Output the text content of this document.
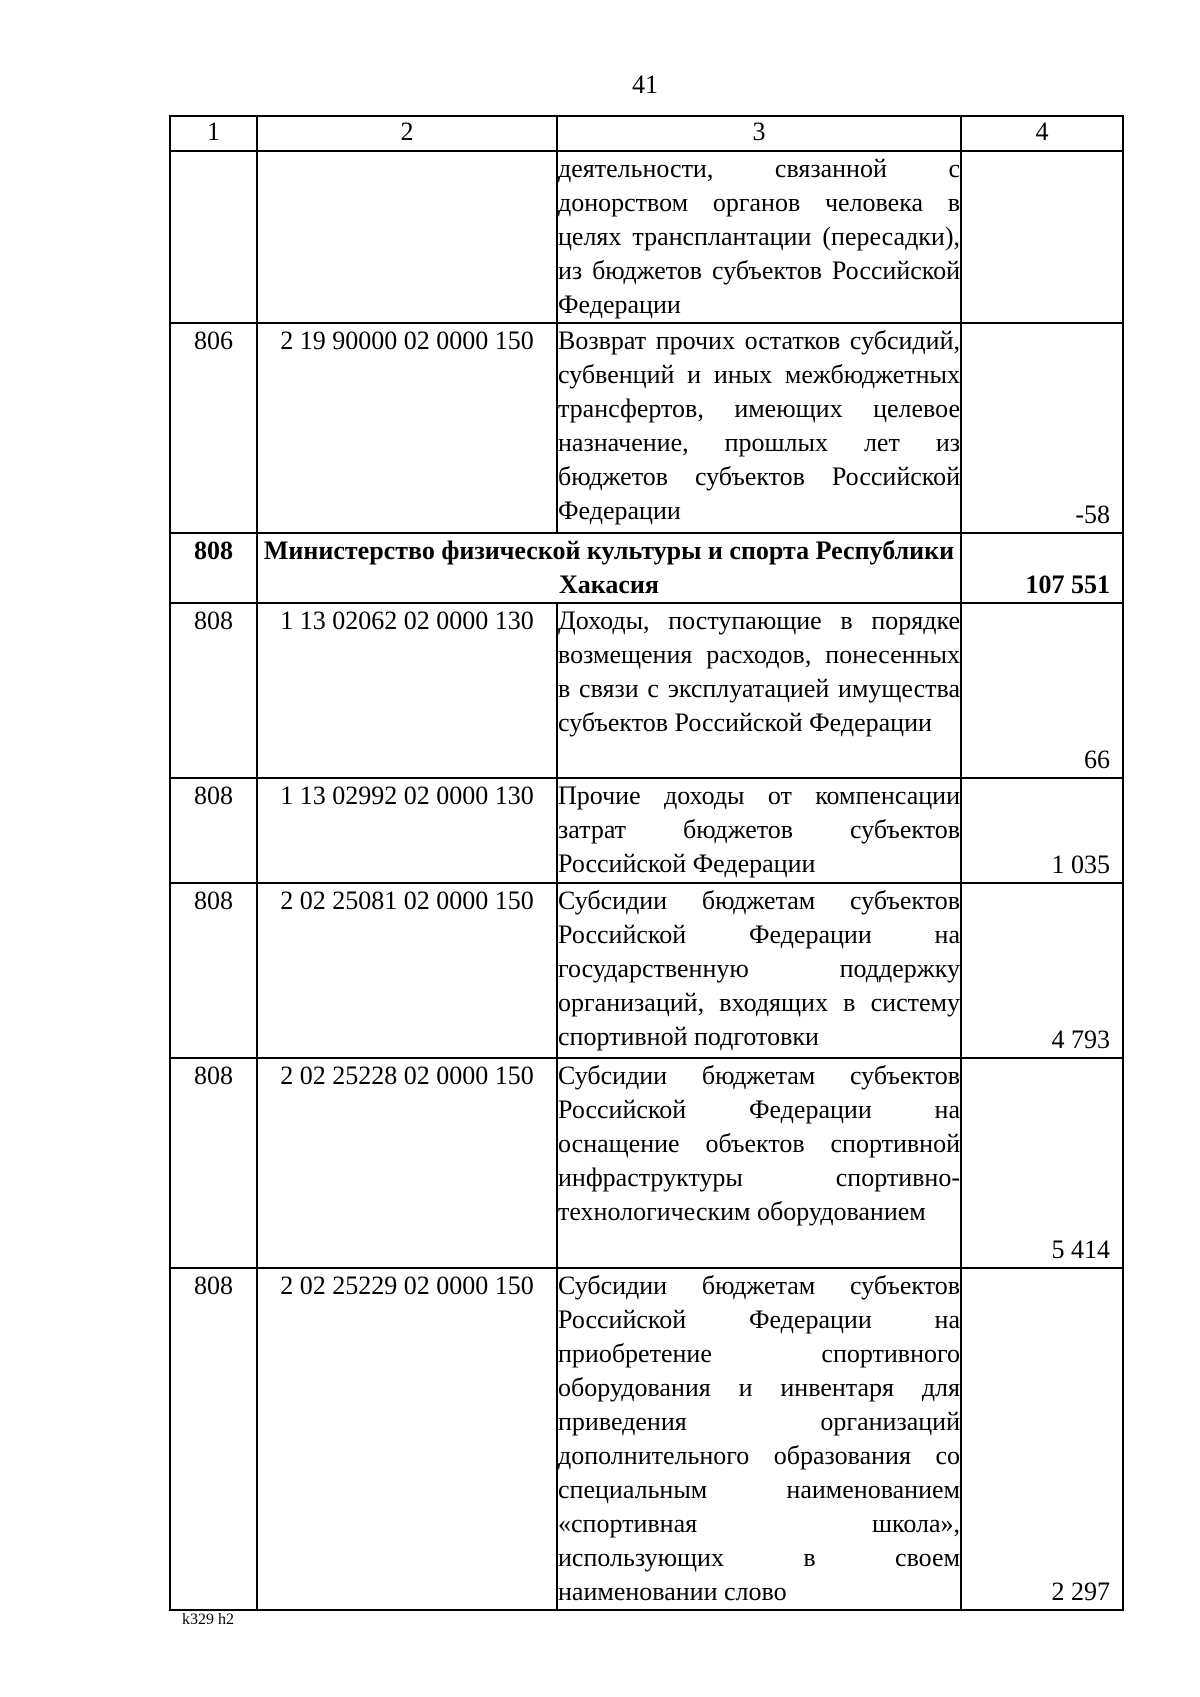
41
1	2	3	4
		деятельности, связанной с донорством органов человека в целях трансплантации (пересадки), из бюджетов субъектов Российской Федерации	
806	2 19 90000 02 0000 150	Возврат прочих остатков субсидий, субвенций и иных межбюджетных трансфертов, имеющих целевое назначение, прошлых лет из бюджетов субъектов Российской Федерации	-58
808	Министерство физической культуры и спорта Республики Хакасия		107 551
808	1 13 02062 02 0000 130	Доходы, поступающие в порядке возмещения расходов, понесенных в связи с эксплуатацией имущества субъектов Российской Федерации	66
808	1 13 02992 02 0000 130	Прочие доходы от компенсации затрат бюджетов субъектов Российской Федерации	1 035
808	2 02 25081 02 0000 150	Субсидии бюджетам субъектов Российской Федерации на государственную поддержку организаций, входящих в систему спортивной подготовки	4 793
808	2 02 25228 02 0000 150	Субсидии бюджетам субъектов Российской Федерации на оснащение объектов спортивной инфраструктуры спортивно-технологическим оборудованием	5 414
808	2 02 25229 02 0000 150	Субсидии бюджетам субъектов Российской Федерации на приобретение спортивного оборудования и инвентаря для приведения организаций дополнительного образования со специальным наименованием «спортивная школа», использующих в своем наименовании слово	2 297
k329 h2
